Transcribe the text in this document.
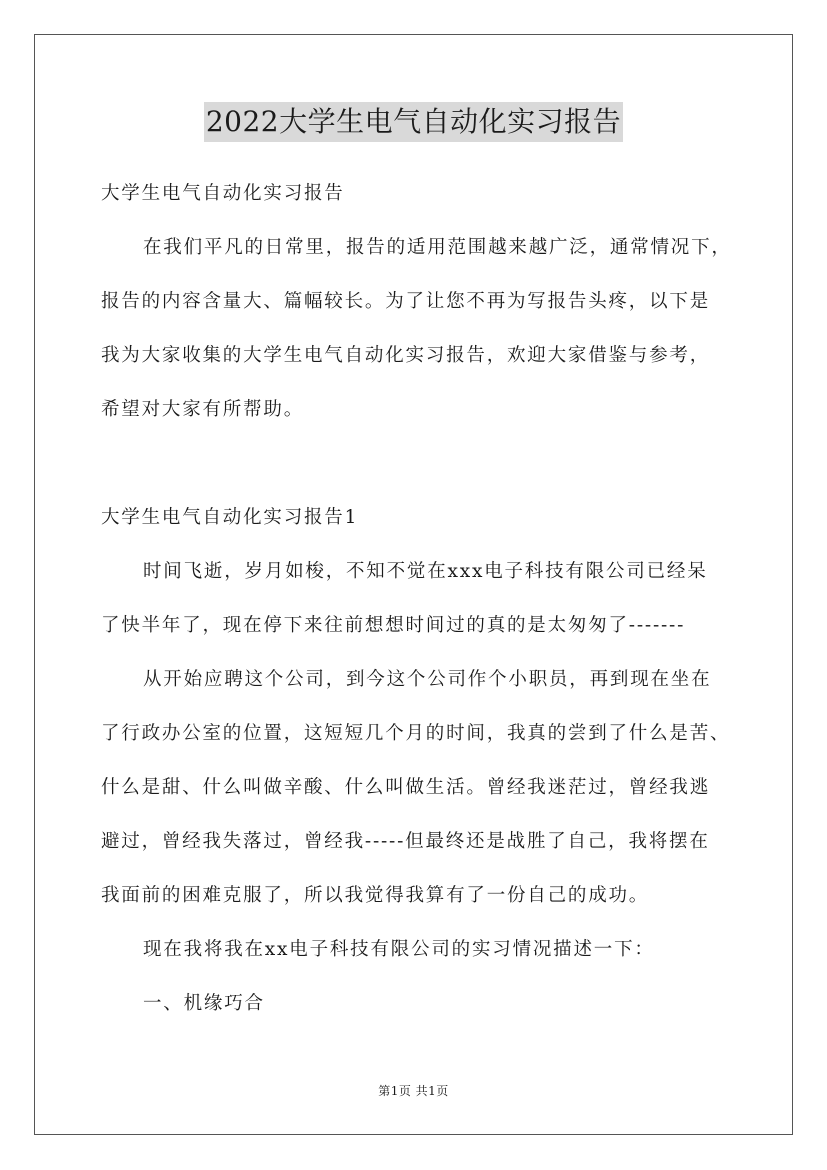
2022大学生电气自动化实习报告
大学生电气自动化实习报告
在我们平凡的日常里，报告的适用范围越来越广泛，通常情况下，
报告的内容含量大、篇幅较长。为了让您不再为写报告头疼，以下是
我为大家收集的大学生电气自动化实习报告，欢迎大家借鉴与参考，
希望对大家有所帮助。
大学生电气自动化实习报告1
时间飞逝，岁月如梭，不知不觉在xxx电子科技有限公司已经呆
了快半年了，现在停下来往前想想时间过的真的是太匆匆了-------
从开始应聘这个公司，到今这个公司作个小职员，再到现在坐在
了行政办公室的位置，这短短几个月的时间，我真的尝到了什么是苦、
什么是甜、什么叫做辛酸、什么叫做生活。曾经我迷茫过，曾经我逃
避过，曾经我失落过，曾经我-----但最终还是战胜了自己，我将摆在
我面前的困难克服了，所以我觉得我算有了一份自己的成功。
现在我将我在xx电子科技有限公司的实习情况描述一下：
一、机缘巧合
第1页 共1页
